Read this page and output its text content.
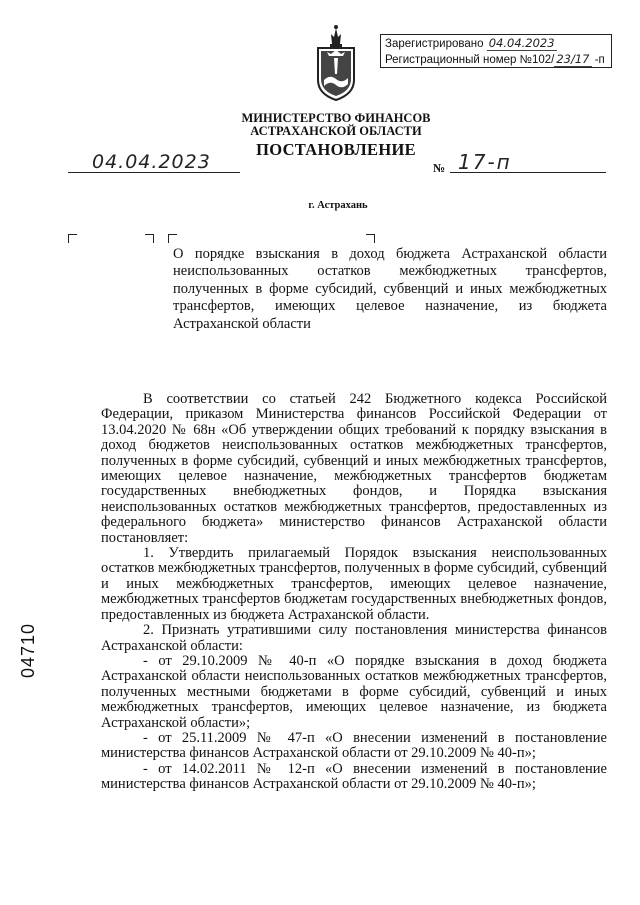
Зарегистрировано 04.04.2023
Регистрационный номер №102/ 23/17 -п
МИНИСТЕРСТВО ФИНАНСОВ
АСТРАХАНСКОЙ ОБЛАСТИ
ПОСТАНОВЛЕНИЕ
04.04.2023	№ 17-п
г. Астрахань
О порядке взыскания в доход бюджета Астраханской области неиспользованных остатков межбюджетных трансфертов, полученных в форме субсидий, субвенций и иных межбюджетных трансфертов, имеющих целевое назначение, из бюджета Астраханской области

В соответствии со статьей 242 Бюджетного кодекса Российской Федерации, приказом Министерства финансов Российской Федерации от 13.04.2020 № 68н «Об утверждении общих требований к порядку взыскания в доход бюджетов неиспользованных остатков межбюджетных трансфертов, полученных в форме субсидий, субвенций и иных межбюджетных трансфертов, имеющих целевое назначение, межбюджетных трансфертов бюджетам государственных внебюджетных фондов, и Порядка взыскания неиспользованных остатков межбюджетных трансфертов, предоставленных из федерального бюджета» министерство финансов Астраханской области постановляет:

1. Утвердить прилагаемый Порядок взыскания неиспользованных остатков межбюджетных трансфертов, полученных в форме субсидий, субвенций и иных межбюджетных трансфертов, имеющих целевое назначение, межбюджетных трансфертов бюджетам государственных внебюджетных фондов, предоставленных из бюджета Астраханской области.

2. Признать утратившими силу постановления министерства финансов Астраханской области:

- от 29.10.2009 № 40-п «О порядке взыскания в доход бюджета Астраханской области неиспользованных остатков межбюджетных трансфертов, полученных местными бюджетами в форме субсидий, субвенций и иных межбюджетных трансфертов, имеющих целевое назначение, из бюджета Астраханской области»;

- от 25.11.2009 № 47-п «О внесении изменений в постановление министерства финансов Астраханской области от 29.10.2009 № 40-п»;

- от 14.02.2011 № 12-п «О внесении изменений в постановление министерства финансов Астраханской области от 29.10.2009 № 40-п»;

04710
